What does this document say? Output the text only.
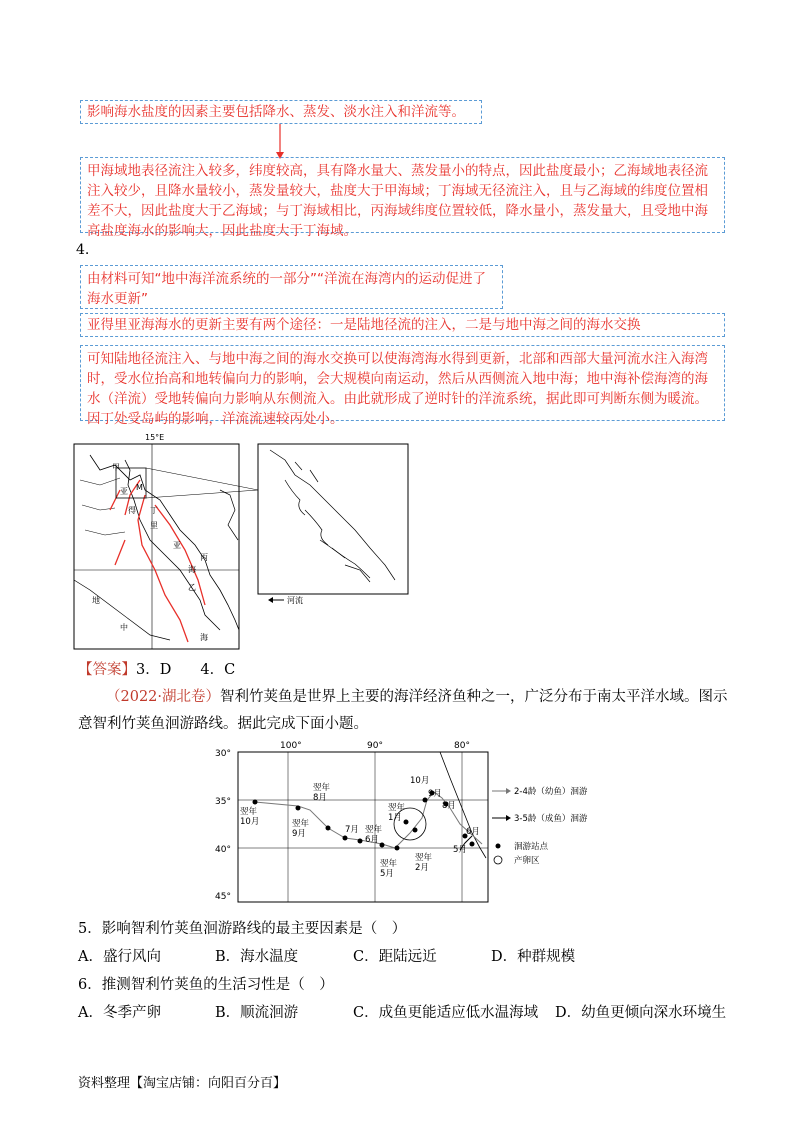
影响海水盐度的因素主要包括降水、蒸发、淡水注入和洋流等。
甲海域地表径流注入较多，纬度较高，具有降水量大、蒸发量小的特点，因此盐度最小；乙海域地表径流注入较少，且降水量较小，蒸发量较大，盐度大于甲海域；丁海域无径流注入，且与乙海域的纬度位置相差不大，因此盐度大于乙海域；与丁海域相比，丙海域纬度位置较低，降水量小，蒸发量大，且受地中海高盐度海水的影响大，因此盐度大于丁海域。
4.
由材料可知“地中海洋流系统的一部分”“洋流在海湾内的运动促进了海水更新”
亚得里亚海海水的更新主要有两个途径：一是陆地径流的注入，二是与地中海之间的海水交换
可知陆地径流注入、与地中海之间的海水交换可以使海湾海水得到更新，北部和西部大量河流水注入海湾时，受水位抬高和地转偏向力的影响，会大规模向南运动，然后从西侧流入地中海；地中海补偿海湾的海水（洋流）受地转偏向力影响从东侧流入。由此就形成了逆时针的洋流系统，据此即可判断东侧为暖流。因丁处受岛屿的影响，洋流流速较丙处小。
15°E
甲
亚 M
得 丁
里
亚
丙
海
乙
地
中
海
河流
【答案】3．D　　4．C
（2022·湖北卷）智利竹荚鱼是世界上主要的海洋经济鱼种之一，广泛分布于南太平洋水域。图示意智利竹荚鱼洄游路线。据此完成下面小题。
100°	90°	80°
30°
35°
40°
45°
翌年 10月	翌年 9月
翌年 8月
7月 翌年 6月
翌年 5月
翌年 2月
翌年 1月
10月
9月
8月
6月
5月
2-4龄（幼鱼）洄游
3-5龄（成鱼）洄游
洄游站点
产卵区
5．影响智利竹荚鱼洄游路线的最主要因素是（　）
A．盛行风向	B．海水温度	C．距陆远近	D．种群规模
6．推测智利竹荚鱼的生活习性是（　）
A．冬季产卵	B．顺流洄游	C．成鱼更能适应低水温海域 D．幼鱼更倾向深水环境生
资料整理【淘宝店铺：向阳百分百】
